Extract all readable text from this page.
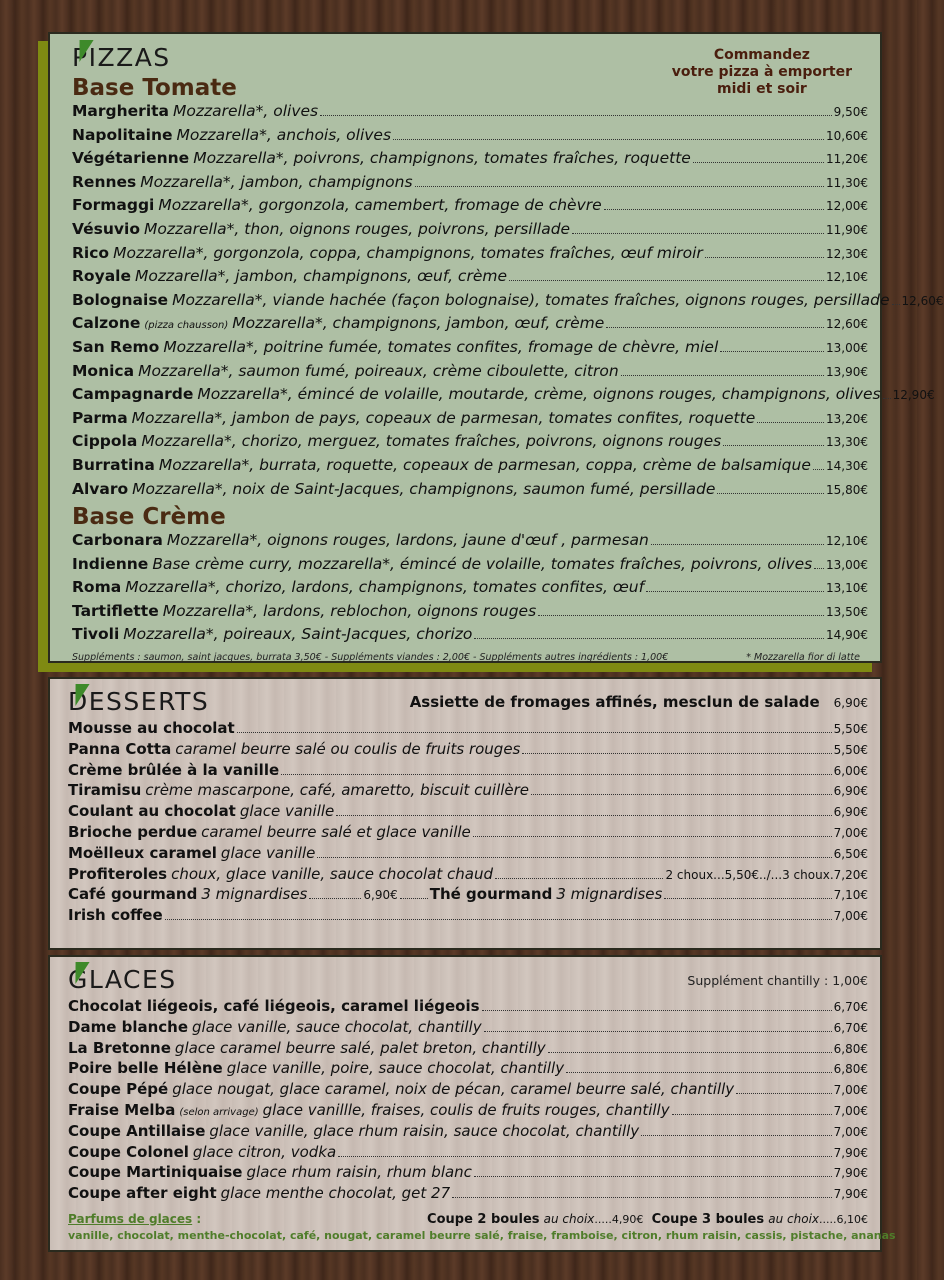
PIZZAS	Commandez
votre pizza à emporter
midi et soir
Base Tomate
Margherita Mozzarella*, olives	9,50€
Napolitaine Mozzarella*, anchois, olives	10,60€
Végétarienne Mozzarella*, poivrons, champignons, tomates fraîches, roquette	11,20€
Rennes Mozzarella*, jambon, champignons	11,30€
Formaggi Mozzarella*, gorgonzola, camembert, fromage de chèvre	12,00€
Vésuvio Mozzarella*, thon, oignons rouges, poivrons, persillade	11,90€
Rico Mozzarella*, gorgonzola, coppa, champignons, tomates fraîches, œuf miroir	12,30€
Royale Mozzarella*, jambon, champignons, œuf, crème	12,10€
Bolognaise Mozzarella*, viande hachée (façon bolognaise), tomates fraîches, oignons rouges, persillade 12,60€
Calzone (pizza chausson) Mozzarella*, champignons, jambon, œuf, crème	12,60€
San Remo Mozzarella*, poitrine fumée, tomates confites, fromage de chèvre, miel	13,00€
Monica Mozzarella*, saumon fumé, poireaux, crème ciboulette, citron	13,90€
Campagnarde Mozzarella*, émincé de volaille, moutarde, crème, oignons rouges, champignons, olives 12,90€
Parma Mozzarella*, jambon de pays, copeaux de parmesan, tomates confites, roquette	13,20€
Cippola Mozzarella*, chorizo, merguez, tomates fraîches, poivrons, oignons rouges	13,30€
Burratina Mozzarella*, burrata, roquette, copeaux de parmesan, coppa, crème de balsamique 14,30€
Alvaro Mozzarella*, noix de Saint-Jacques, champignons, saumon fumé, persillade	15,80€
Base Crème
Carbonara Mozzarella*, oignons rouges, lardons, jaune d'œuf , parmesan	12,10€
Indienne Base crème curry, mozzarella*, émincé de volaille, tomates fraîches, poivrons, olives 13,00€
Roma Mozzarella*, chorizo, lardons, champignons, tomates confites, œuf	13,10€
Tartiflette Mozzarella*, lardons, reblochon, oignons rouges	13,50€
Tivoli Mozzarella*, poireaux, Saint-Jacques, chorizo	14,90€
Suppléments : saumon, saint jacques, burrata 3,50€ - Suppléments viandes : 2,00€ - Suppléments autres ingrédients : 1,00€	* Mozzarella fior di latte
DESSERTS	Assiette de fromages affinés, mesclun de salade 6,90€
Mousse au chocolat	5,50€
Panna Cotta caramel beurre salé ou coulis de fruits rouges	5,50€
Crème brûlée à la vanille	6,00€
Tiramisu crème mascarpone, café, amaretto, biscuit cuillère	6,90€
Coulant au chocolat glace vanille	6,90€
Brioche perdue caramel beurre salé et glace vanille	7,00€
Moëlleux caramel glace vanille	6,50€
Profiteroles choux, glace vanille, sauce chocolat chaud	2 choux...5,50€../...3 choux . 7,20€
Café gourmand 3 mignardises	6,90€ Thé gourmand 3 mignardises	7,10€
Irish coffee	7,00€
GLACES	Supplément chantilly : 1,00€
Chocolat liégeois, café liégeois, caramel liégeois	6,70€
Dame blanche glace vanille, sauce chocolat, chantilly	6,70€
La Bretonne glace caramel beurre salé, palet breton, chantilly	6,80€
Poire belle Hélène glace vanille, poire, sauce chocolat, chantilly	6,80€
Coupe Pépé glace nougat, glace caramel, noix de pécan, caramel beurre salé, chantilly	7,00€
Fraise Melba (selon arrivage) glace vanillle, fraises, coulis de fruits rouges, chantilly	7,00€
Coupe Antillaise glace vanille, glace rhum raisin, sauce chocolat, chantilly	7,00€
Coupe Colonel glace citron, vodka	7,90€
Coupe Martiniquaise glace rhum raisin, rhum blanc	7,90€
Coupe after eight glace menthe chocolat, get 27	7,90€
Parfums de glaces :	Coupe 2 boules au choix.....4,90€ Coupe 3 boules au choix.....6,10€
vanille, chocolat, menthe-chocolat, café, nougat, caramel beurre salé, fraise, framboise, citron, rhum raisin, cassis, pistache, ananas
